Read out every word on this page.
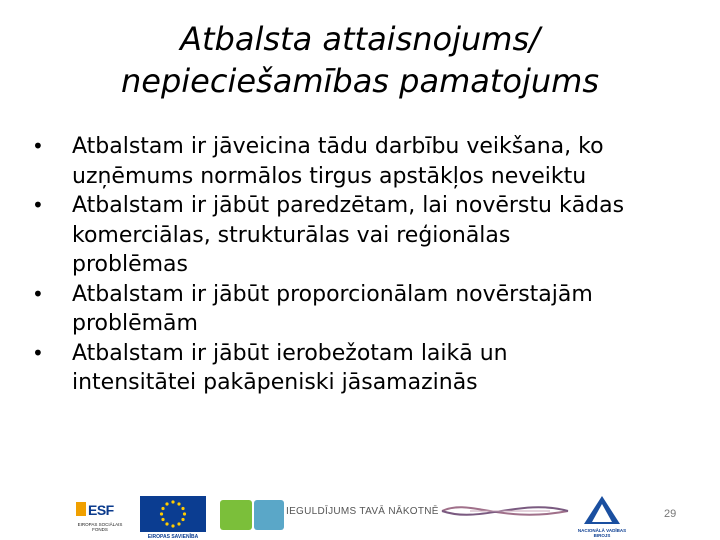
Atbalsta attaisnojums/
nepieciešamības pamatojums
•	Atbalstam ir jāveicina tādu darbību veikšana, ko
uzņēmums normālos tirgus apstākļos neveiktu
•	Atbalstam ir jābūt paredzētam, lai novērstu kādas
komerciālas, strukturālas vai reģionālas
problēmas
•	Atbalstam ir jābūt proporcionālam novērstajām
problēmām
•	Atbalstam ir jābūt ierobežotam laikā un
intensitātei pakāpeniski jāsamazinās
ESF
EIROPAS SOCIĀLAIS FONDS
EIROPAS SAVIENĪBA
IEGULDĪJUMS TAVĀ NĀKOTNĒ
NACIONĀLĀ VADĪBAS BIROJS
29
